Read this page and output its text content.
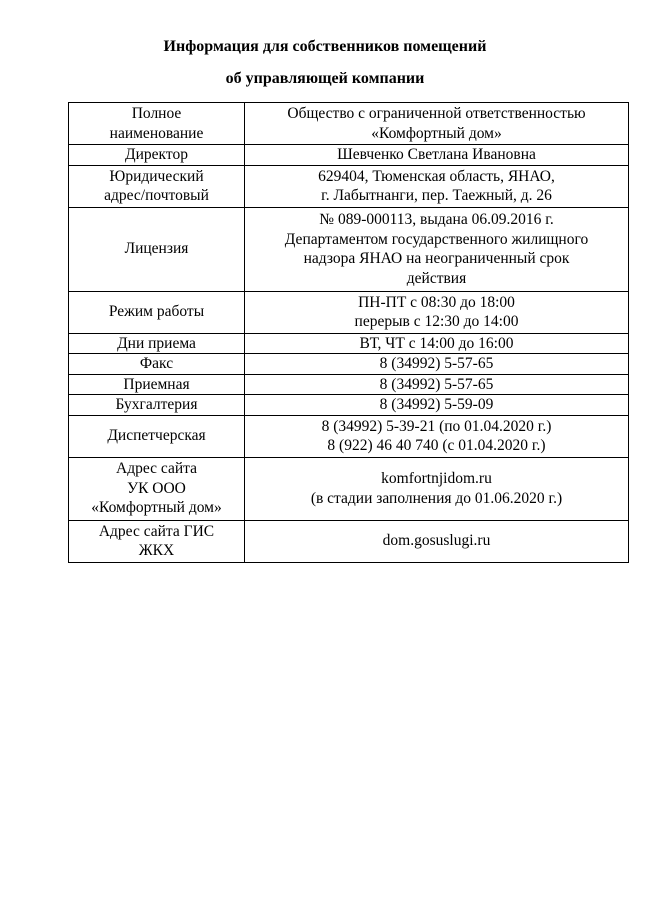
Информация для собственников помещений
об управляющей компании
Полное
наименование	Общество с ограниченной ответственностью
«Комфортный дом»

Директор	Шевченко Светлана Ивановна

Юридический
адрес/почтовый	629404, Тюменская область, ЯНАО,
г. Лабытнанги, пер. Таежный, д. 26

Лицензия	№ 089-000113, выдана 06.09.2016 г.
Департаментом государственного жилищного
надзора ЯНАО на неограниченный срок
действия

Режим работы	ПН-ПТ с 08:30 до 18:00
перерыв с 12:30 до 14:00

Дни приема	ВТ, ЧТ с 14:00 до 16:00

Факс	8 (34992) 5-57-65

Приемная	8 (34992) 5-57-65

Бухгалтерия	8 (34992) 5-59-09

Диспетчерская	8 (34992) 5-39-21 (по 01.04.2020 г.)
8 (922) 46 40 740 (с 01.04.2020 г.)

Адрес сайта
УК ООО
«Комфортный дом»	komfortnjidom.ru
(в стадии заполнения до 01.06.2020 г.)

Адрес сайта ГИС
ЖКХ	dom.gosuslugi.ru
